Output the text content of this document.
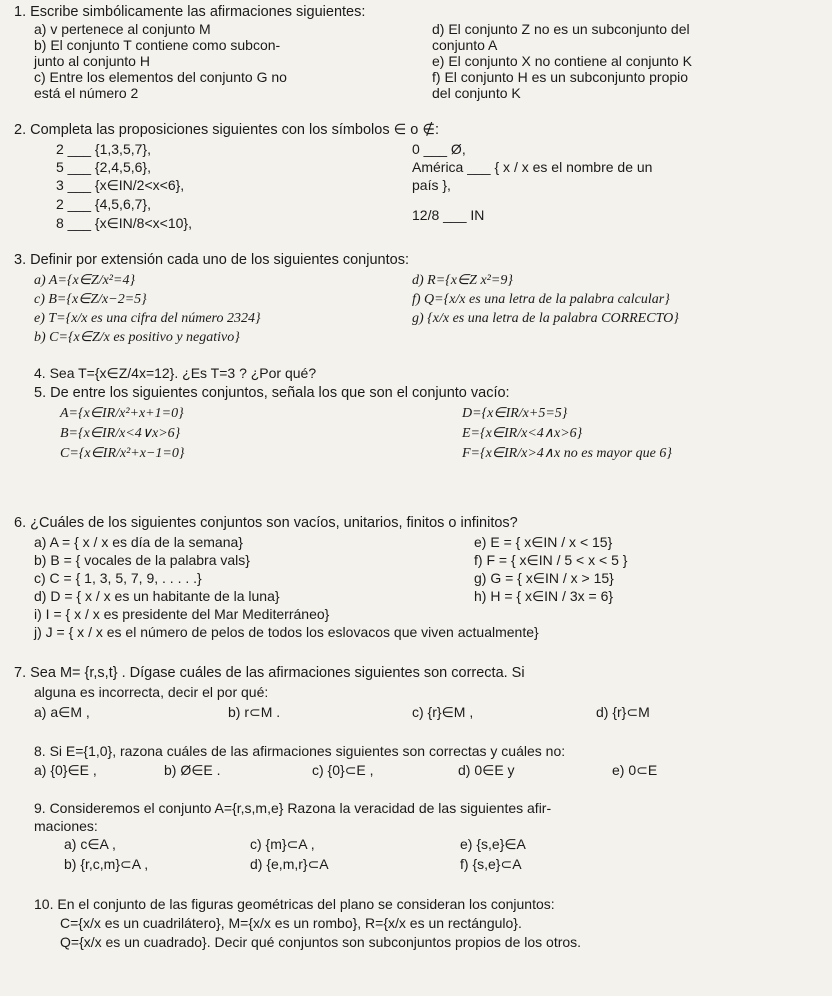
1. Escribe simbólicamente las afirmaciones siguientes:
a) v pertenece al conjunto M
b) El conjunto T contiene como subcon-
junto al conjunto H
c) Entre los elementos del conjunto G no
está el número 2
d) El conjunto Z no es un subconjunto del
conjunto A
e) El conjunto X no contiene al conjunto K
f) El conjunto H es un subconjunto propio
del conjunto K
2. Completa las proposiciones siguientes con los símbolos ∈ o ∉:
2 ___ {1,3,5,7},
5 ___ {2,4,5,6},
3 ___ {x∈IN/2<x<6},
2 ___ {4,5,6,7},
8 ___ {x∈IN/8<x<10},
0 ___ Ø,
América ___ { x / x es el nombre de un
país },
12/8 ___ IN
3. Definir por extensión cada uno de los siguientes conjuntos:
a) A={x∈Z/x²=4}
c) B={x∈Z/x−2=5}
e) T={x/x es una cifra del número 2324}
b) C={x∈Z/x es positivo y negativo}
d) R={x∈Z x²=9}
f) Q={x/x es una letra de la palabra calcular}
g) {x/x es una letra de la palabra CORRECTO}
4. Sea T={x∈Z/4x=12}. ¿Es T=3 ? ¿Por qué?
5. De entre los siguientes conjuntos, señala los que son el conjunto vacío:
A={x∈IR/x²+x+1=0}
B={x∈IR/x<4∨x>6}
C={x∈IR/x²+x−1=0}
D={x∈IR/x+5=5}
E={x∈IR/x<4∧x>6}
F={x∈IR/x>4∧x no es mayor que 6}
6. ¿Cuáles de los siguientes conjuntos son vacíos, unitarios, finitos o infinitos?
a) A = { x / x es día de la semana}
b) B = { vocales de la palabra vals}
c) C = { 1, 3, 5, 7, 9, . . . . .}
d) D = { x / x es un habitante de la luna}
e) E = { x∈IN / x < 15}
f) F = { x∈IN / 5 < x < 5 }
g) G = { x∈IN / x > 15}
h) H = { x∈IN / 3x = 6}
i) I = { x / x es presidente del Mar Mediterráneo}
j) J = { x / x es el número de pelos de todos los eslovacos que viven actualmente}
7. Sea M= {r,s,t} . Dígase cuáles de las afirmaciones siguientes son correcta. Si
alguna es incorrecta, decir el por qué:
a) a∈M ,	b) r⊂M .	c) {r}∈M ,	d) {r}⊂M
8. Si E={1,0}, razona cuáles de las afirmaciones siguientes son correctas y cuáles no:
a) {0}∈E ,	b) Ø∈E .	c) {0}⊂E ,	d) 0∈E y	e) 0⊂E
9. Consideremos el conjunto A={r,s,m,e} Razona la veracidad de las siguientes afir-
maciones:
a) c∈A ,	c) {m}⊂A ,	e) {s,e}∈A
b) {r,c,m}⊂A ,	d) {e,m,r}⊂A	f) {s,e}⊂A
10. En el conjunto de las figuras geométricas del plano se consideran los conjuntos:
C={x/x es un cuadrilátero}, M={x/x es un rombo}, R={x/x es un rectángulo}.
Q={x/x es un cuadrado}. Decir qué conjuntos son subconjuntos propios de los otros.
